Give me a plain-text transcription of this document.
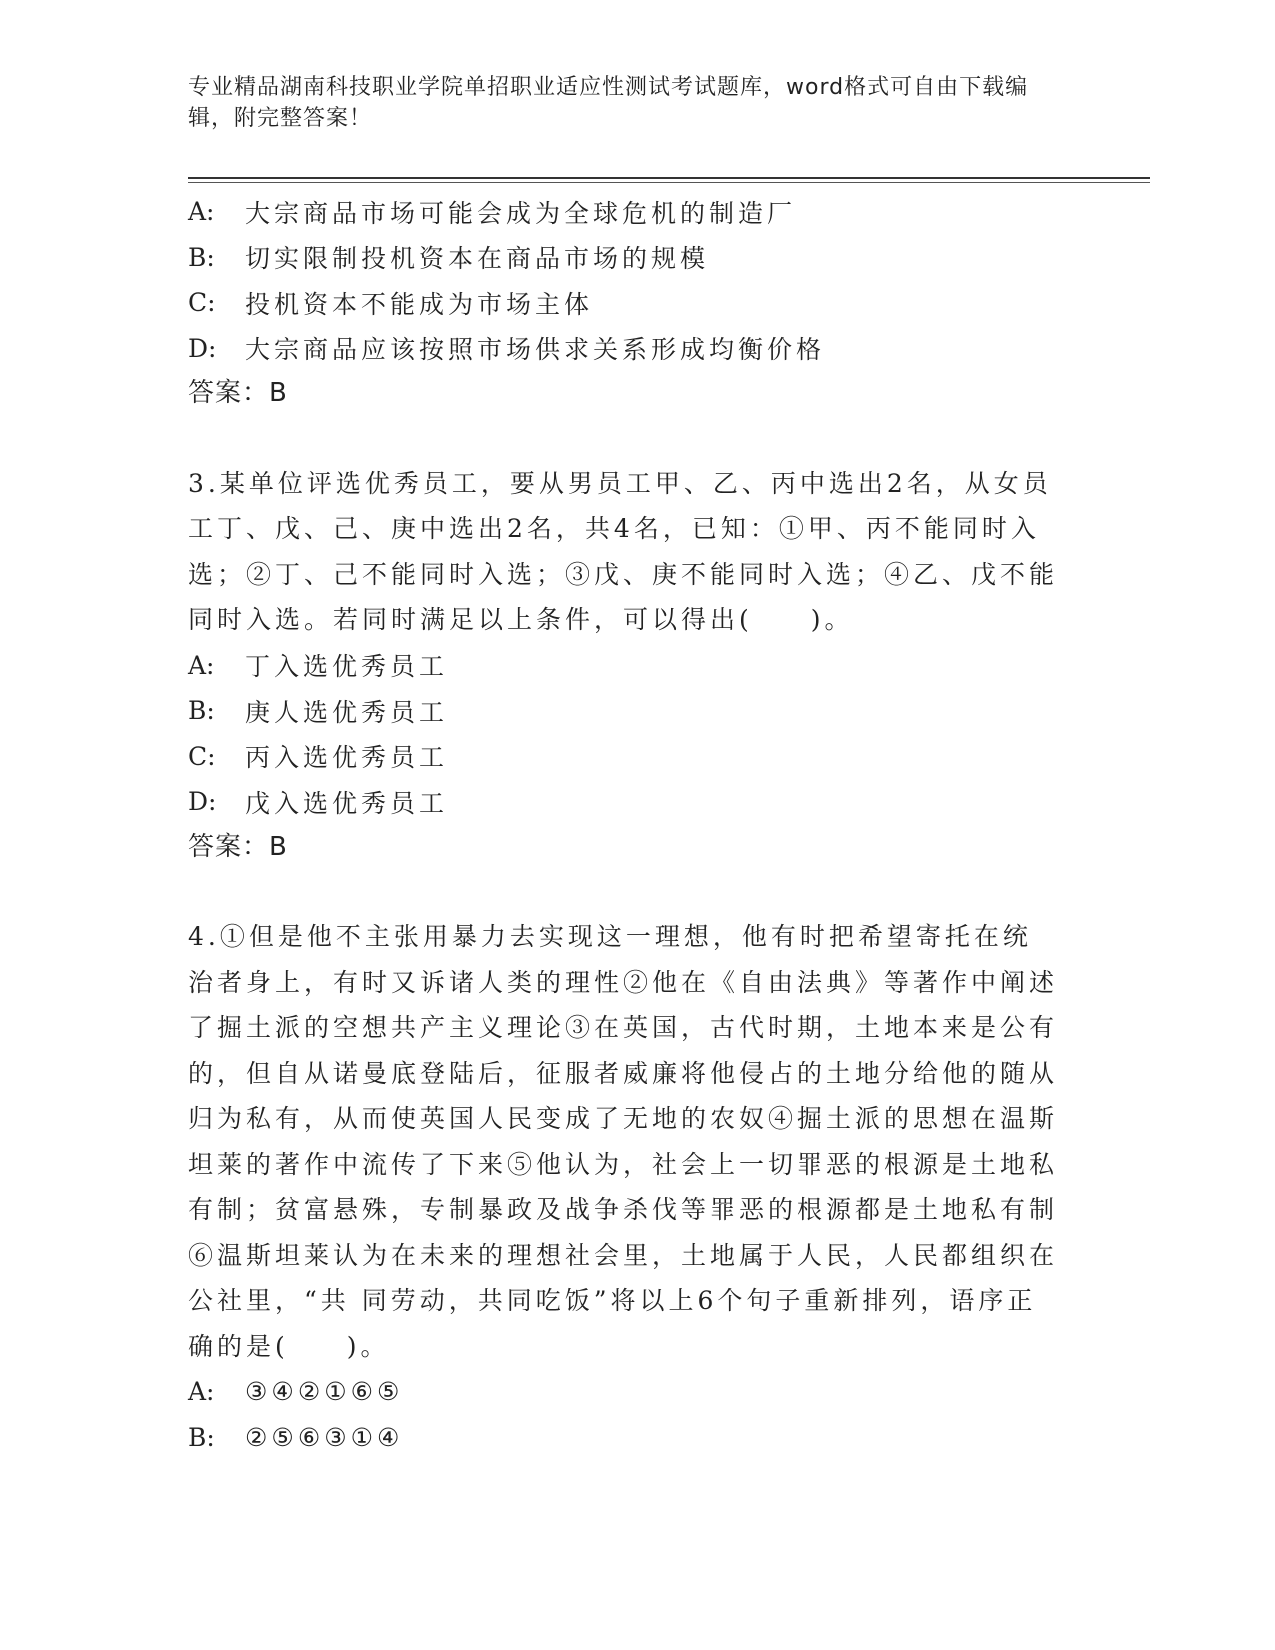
专业精品湖南科技职业学院单招职业适应性测试考试题库，word格式可自由下载编辑，附完整答案！
A:	大宗商品市场可能会成为全球危机的制造厂
B:	切实限制投机资本在商品市场的规模
C:	投机资本不能成为市场主体
D:	大宗商品应该按照市场供求关系形成均衡价格
答案：B
3.某单位评选优秀员工，要从男员工甲、乙、丙中选出2名，从女员工丁、戊、己、庚中选出2名，共4名，已知：①甲、丙不能同时入选；②丁、己不能同时入选；③戊、庚不能同时入选；④乙、戊不能同时入选。若同时满足以上条件，可以得出(　　)。
A:	丁入选优秀员工
B:	庚人选优秀员工
C:	丙入选优秀员工
D:	戊入选优秀员工
答案：B
4.①但是他不主张用暴力去实现这一理想，他有时把希望寄托在统治者身上，有时又诉诸人类的理性②他在《自由法典》等著作中阐述了掘土派的空想共产主义理论③在英国，古代时期，土地本来是公有的，但自从诺曼底登陆后，征服者威廉将他侵占的土地分给他的随从归为私有，从而使英国人民变成了无地的农奴④掘土派的思想在温斯坦莱的著作中流传了下来⑤他认为，社会上一切罪恶的根源是土地私有制；贫富悬殊，专制暴政及战争杀伐等罪恶的根源都是土地私有制⑥温斯坦莱认为在未来的理想社会里，土地属于人民，人民都组织在公社里，“共 同劳动，共同吃饭”将以上6个句子重新排列，语序正确的是(　　)。
A:	③④②①⑥⑤
B:	②⑤⑥③①④
